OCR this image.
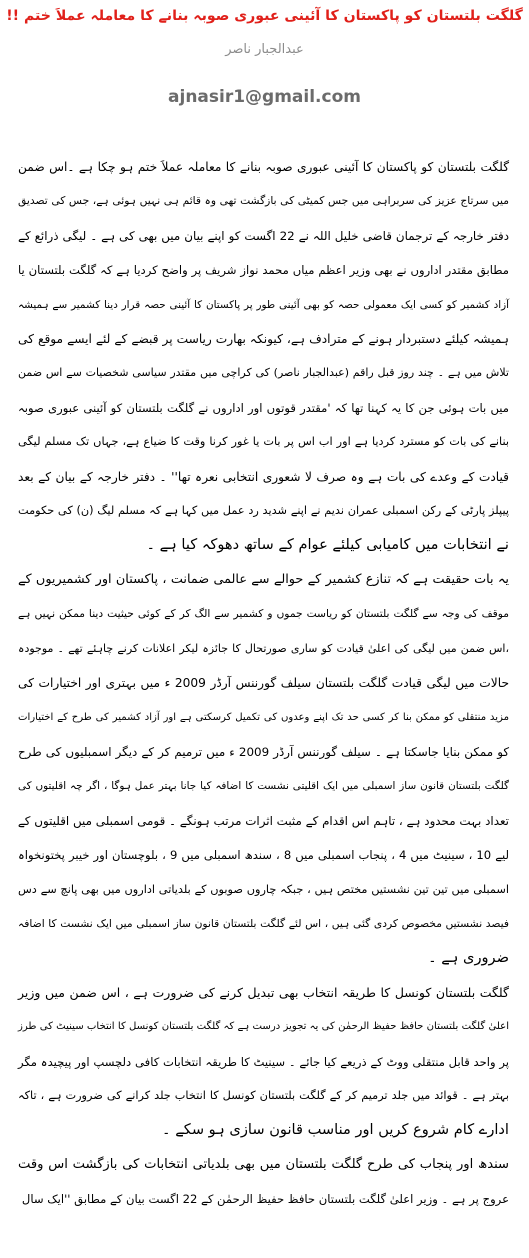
گلگت بلتستان کو پاکستان کا آئینی عبوری صوبہ بنانے کا معاملہ عملاََ ختم !!
عبدالجبار ناصر
ajnasir1@gmail.com
گلگت بلتستان کو پاکستان کا آئینی عبوری صوبہ بنانے کا معاملہ عملاََ ختم ہو چکا ہے ۔اس ضمن
میں سرتاج عزیز کی سربراہی میں جس کمیٹی کی بازگشت تھی وہ قائم ہی نہیں ہوئی ہے، جس کی تصدیق
دفتر خارجہ کے ترجمان قاضی خلیل اللہ نے 22 اگست کو اپنے بیان میں بھی کی ہے ۔ لیگی ذرائع کے
مطابق مقتدر اداروں نے بھی وزیر اعظم میاں محمد نواز شریف پر واضح کردیا ہے کہ گلگت بلتستان یا
آزاد کشمیر کو کسی ایک معمولی حصہ کو بھی آئینی طور پر پاکستان کا آئینی حصہ قرار دینا کشمیر سے ہمیشہ
ہمیشہ کیلئے دستبردار ہونے کے مترادف ہے، کیونکہ بھارت ریاست پر قبضے کے لئے ایسے موقع کی
تلاش میں ہے ۔ چند روز قبل راقم (عبدالجبار ناصر) کی کراچی میں مقتدر سیاسی شخصیات سے اس ضمن
میں بات ہوئی جن کا یہ کہنا تھا کہ 'مقتدر قوتوں اور اداروں نے گلگت بلتستان کو آئینی عبوری صوبہ
بنانے کی بات کو مسترد کردیا ہے اور اب اس پر بات یا غور کرنا وقت کا ضیاع ہے، جہاں تک مسلم لیگی
قیادت کے وعدے کی بات ہے وہ صرف لا شعوری انتخابی نعرہ تھا'' ۔ دفتر خارجہ کے بیان کے بعد
پیپلز پارٹی کے رکن اسمبلی عمران ندیم نے اپنے شدید رد عمل میں کہا ہے کہ مسلم لیگ (ن) کی حکومت
نے انتخابات میں کامیابی کیلئے عوام کے ساتھ دھوکہ کیا ہے ۔
یہ بات حقیقت ہے کہ تنازع کشمیر کے حوالے سے عالمی ضمانت ، پاکستان اور کشمیریوں کے
موقف کی وجہ سے گلگت بلتستان کو ریاست جموں و کشمیر سے الگ کر کے کوئی حیثیت دینا ممکن نہیں ہے
،اس ضمن میں لیگی کی اعلیٰ قیادت کو ساری صورتحال کا جائزہ لیکر اعلانات کرنے چاہئے تھے ۔ موجودہ
حالات میں لیگی قیادت گلگت بلتستان سیلف گورننس آرڈر 2009 ء میں بہتری اور اختیارات کی
مزید منتقلی کو ممکن بنا کر کسی حد تک اپنے وعدوں کی تکمیل کرسکتی ہے اور آزاد کشمیر کی طرح کے اختیارات
کو ممکن بنایا جاسکتا ہے ۔ سیلف گورننس آرڈر 2009 ء میں ترمیم کر کے دیگر اسمبلیوں کی طرح
گلگت بلتستان قانون ساز اسمبلی میں ایک اقلیتی نشست کا اضافہ کیا جانا بہتر عمل ہوگا ، اگر چہ اقلیتوں کی
تعداد بہت محدود ہے ، تاہم اس اقدام کے مثبت اثرات مرتب ہونگے ۔ قومی اسمبلی میں اقلیتوں کے
لیے 10 ، سینیٹ میں 4 ، پنجاب اسمبلی میں 8 ، سندھ اسمبلی میں 9 ، بلوچستان اور خیبر پختونخواہ
اسمبلی میں تین تین نشستیں مختص ہیں ، جبکہ چاروں صوبوں کے بلدیاتی اداروں میں بھی پانچ سے دس
فیصد نشستیں مخصوص کردی گئی ہیں ، اس لئے گلگت بلتستان قانون ساز اسمبلی میں ایک نشست کا اضافہ
ضروری ہے ۔
گلگت بلتستان کونسل کا طریقہ انتخاب بھی تبدیل کرنے کی ضرورت ہے ، اس ضمن میں وزیر
اعلیٰ گلگت بلتستان حافظ حفیظ الرحمٰن کی یہ تجویز درست ہے کہ گلگت بلتستان کونسل کا انتخاب سینیٹ کی طرز
پر واحد قابل منتقلی ووٹ کے ذریعے کیا جائے ۔ سینیٹ کا طریقہ انتخابات کافی دلچسپ اور پیچیدہ مگر
بہتر ہے ۔ قوائد میں جلد ترمیم کر کے گلگت بلتستان کونسل کا انتخاب جلد کرانے کی ضرورت ہے ، تاکہ
ادارے کام شروع کریں اور مناسب قانون سازی ہو سکے ۔
سندھ اور پنجاب کی طرح گلگت بلتستان میں بھی بلدیاتی انتخابات کی بازگشت اس وقت
عروج پر ہے ۔ وزیر اعلیٰ گلگت بلتستان حافظ حفیظ الرحمٰن کے 22 اگست بیان کے مطابق ''ایک سال
